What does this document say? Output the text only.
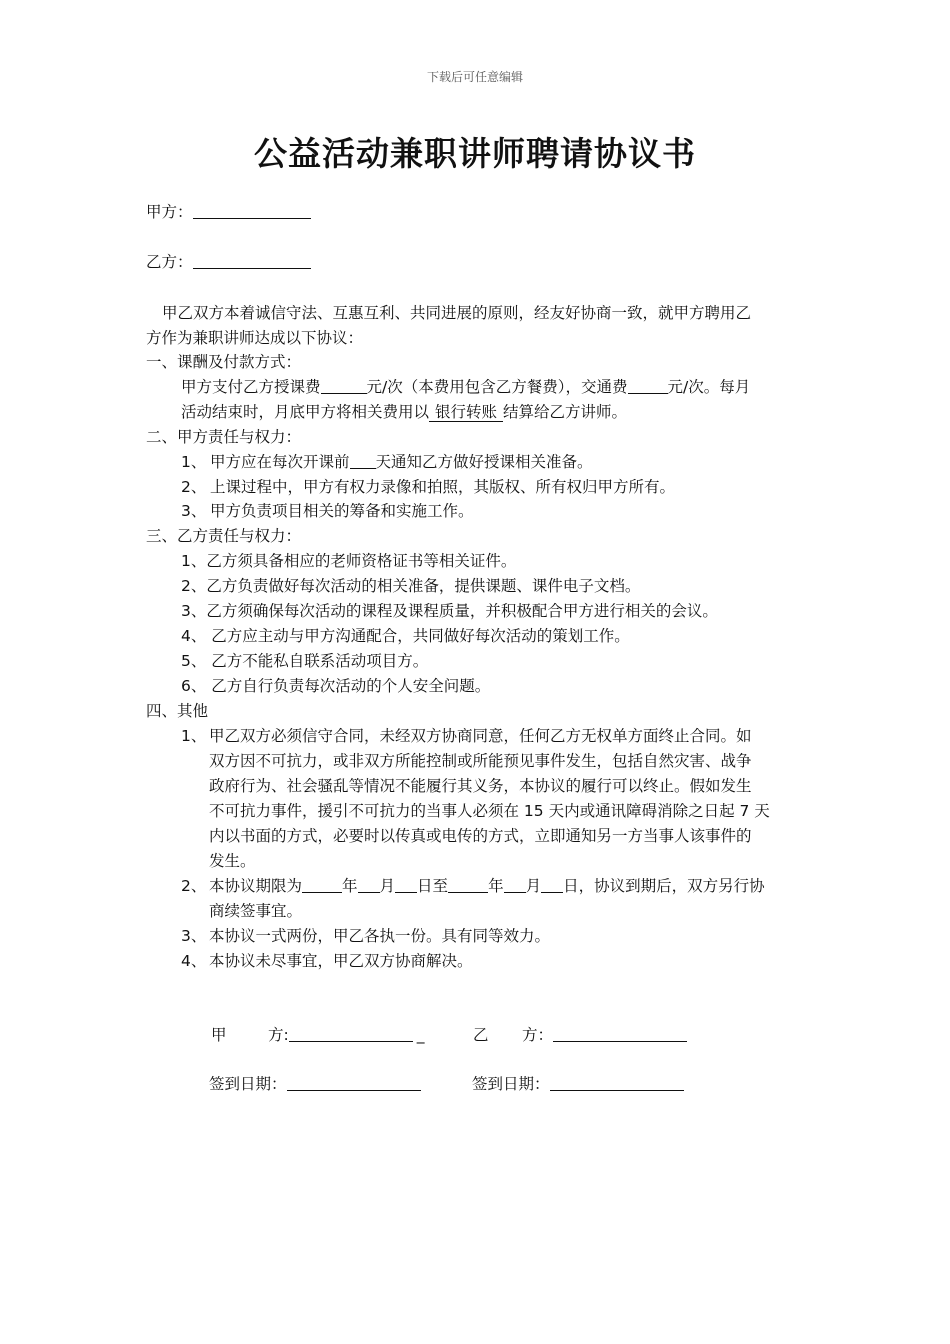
下载后可任意编辑
公益活动兼职讲师聘请协议书
甲方：
乙方：
甲乙双方本着诚信守法、互惠互利、共同进展的原则，经友好协商一致，就甲方聘用乙
方作为兼职讲师达成以下协议：
一、课酬及付款方式：
甲方支付乙方授课费	元/次（本费用包含乙方餐费），交通费	元/次。每月
活动结束时，月底甲方将相关费用以 银行转账 结算给乙方讲师。
二、甲方责任与权力：
1、 甲方应在每次开课前 天通知乙方做好授课相关准备。
2、 上课过程中，甲方有权力录像和拍照，其版权、所有权归甲方所有。
3、 甲方负责项目相关的筹备和实施工作。
三、乙方责任与权力：
1、乙方须具备相应的老师资格证书等相关证件。
2、乙方负责做好每次活动的相关准备，提供课题、课件电子文档。
3、乙方须确保每次活动的课程及课程质量，并积极配合甲方进行相关的会议。
4、 乙方应主动与甲方沟通配合，共同做好每次活动的策划工作。
5、 乙方不能私自联系活动项目方。
6、 乙方自行负责每次活动的个人安全问题。
四、其他
1、 甲乙双方必须信守合同，未经双方协商同意，任何乙方无权单方面终止合同。如
双方因不可抗力，或非双方所能控制或所能预见事件发生，包括自然灾害、战争
政府行为、社会骚乱等情况不能履行其义务，本协议的履行可以终止。假如发生
不可抗力事件，援引不可抗力的当事人必须在 15 天内或通讯障碍消除之日起 7 天
内以书面的方式，必要时以传真或电传的方式，立即通知另一方当事人该事件的
发生。
2、 本协议期限为	年 月 日至	年 月 日，协议到期后，双方另行协
商续签事宜。
3、 本协议一式两份，甲乙各执一份。具有同等效力。
4、 本协议未尽事宜，甲乙双方协商解决。
甲	方:	_	乙 方：
签到日期：	签到日期：
